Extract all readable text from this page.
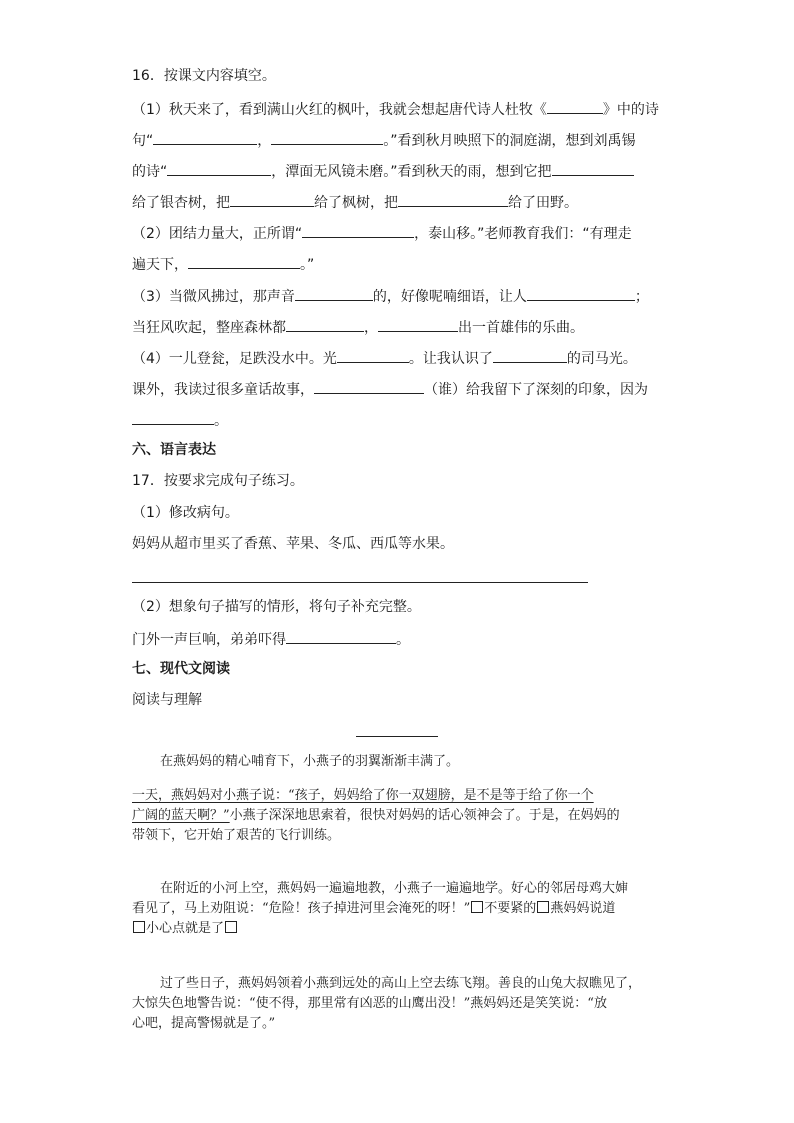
16．按课文内容填空。
（1）秋天来了，看到满山火红的枫叶，我就会想起唐代诗人杜牧《	》中的诗
句“	，	。”看到秋月映照下的洞庭湖，想到刘禹锡
的诗“	，潭面无风镜未磨。”看到秋天的雨，想到它把
给了银杏树，把	给了枫树，把	给了田野。
（2）团结力量大，正所谓“	，泰山移。”老师教育我们：“有理走
遍天下，	。”
（3）当微风拂过，那声音	的，好像呢喃细语，让人	；
当狂风吹起，整座森林都	，	出一首雄伟的乐曲。
（4）一儿登瓮，足跌没水中。光	。让我认识了	的司马光。
课外，我读过很多童话故事，	（谁）给我留下了深刻的印象，因为
。
六、语言表达
17．按要求完成句子练习。
（1）修改病句。
妈妈从超市里买了香蕉、苹果、冬瓜、西瓜等水果。
（2）想象句子描写的情形，将句子补充完整。
门外一声巨响，弟弟吓得	。
七、现代文阅读
阅读与理解
在燕妈妈的精心哺育下，小燕子的羽翼渐渐丰满了。
一天，燕妈妈对小燕子说：“孩子，妈妈给了你一双翅膀，是不是等于给了你一个
广阔的蓝天啊？”小燕子深深地思索着，很快对妈妈的话心领神会了。于是，在妈妈的
带领下，它开始了艰苦的飞行训练。
在附近的小河上空，燕妈妈一遍遍地教，小燕子一遍遍地学。好心的邻居母鸡大婶
看见了，马上劝阻说：“危险！孩子掉进河里会淹死的呀！” 不要紧的 燕妈妈说道
小心点就是了
过了些日子，燕妈妈领着小燕到远处的高山上空去练飞翔。善良的山兔大叔瞧见了，
大惊失色地警告说：“使不得，那里常有凶恶的山鹰出没！”燕妈妈还是笑笑说：“放
心吧，提高警惕就是了。”
